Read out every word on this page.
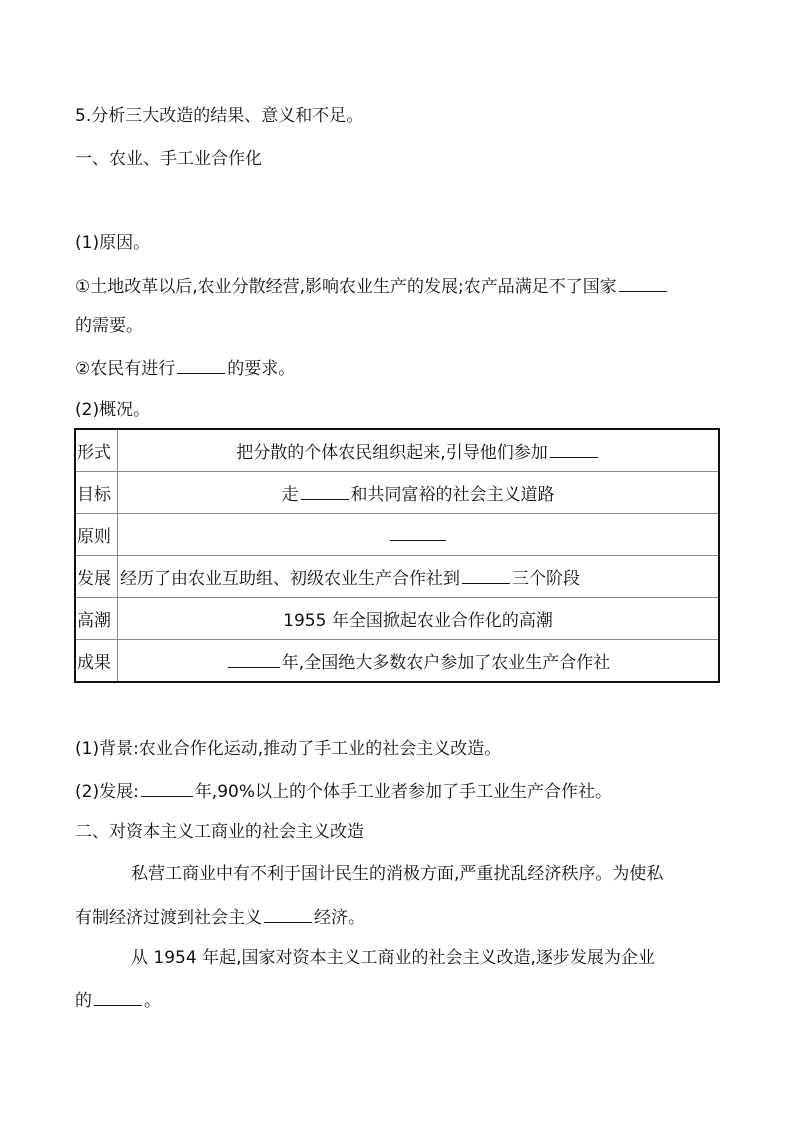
5.分析三大改造的结果、意义和不足。
一、农业、手工业合作化
(1)原因。
①土地改革以后,农业分散经营,影响农业生产的发展;农产品满足不了国家
的需要。
②农民有进行	的要求。
(2)概况。
形式	把分散的个体农民组织起来,引导他们参加
目标	走 和共同富裕的社会主义道路
原则	
发展	经历了由农业互助组、初级农业生产合作社到 三个阶段
高潮	1955 年全国掀起农业合作化的高潮
成果	年,全国绝大多数农户参加了农业生产合作社
(1)背景:农业合作化运动,推动了手工业的社会主义改造。
(2)发展:	年,90%以上的个体手工业者参加了手工业生产合作社。
二、对资本主义工商业的社会主义改造
私营工商业中有不利于国计民生的消极方面,严重扰乱经济秩序。为使私
有制经济过渡到社会主义	经济。
从 1954 年起,国家对资本主义工商业的社会主义改造,逐步发展为企业
的	。
